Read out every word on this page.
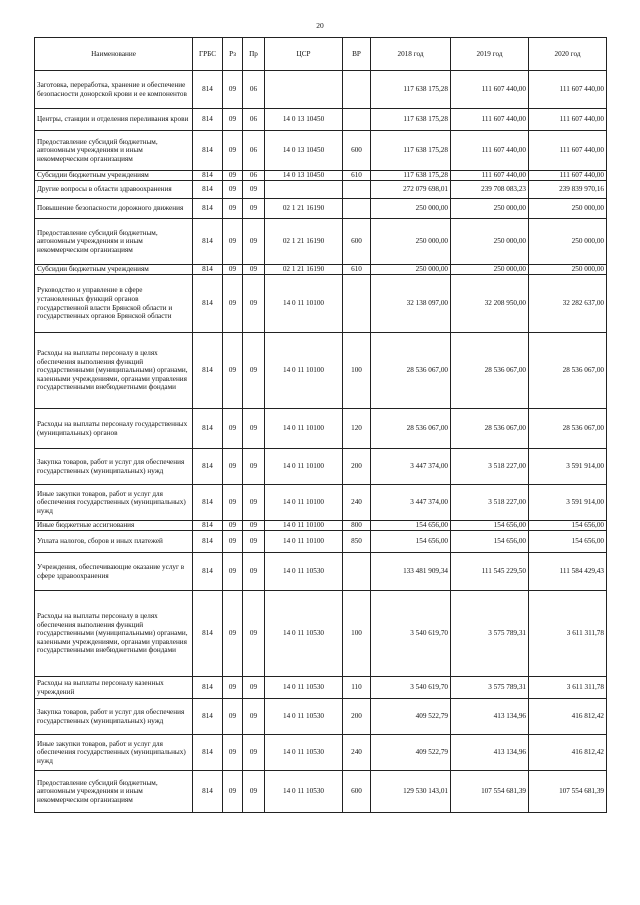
20
Наименование	ГРБС	Рз	Пр	ЦСР	ВР	2018 год	2019 год	2020 год
Заготовка, переработка, хранение и обеспечение безопасности донорской крови и ее компонентов	814	09	06			117 638 175,28	111 607 440,00	111 607 440,00
Центры, станции и отделения переливания крови	814	09	06	14 0 13 10450		117 638 175,28	111 607 440,00	111 607 440,00
Предоставление субсидий бюджетным, автономным учреждениям и иным некоммерческим организациям	814	09	06	14 0 13 10450	600	117 638 175,28	111 607 440,00	111 607 440,00
Субсидии бюджетным учреждениям	814	09	06	14 0 13 10450	610	117 638 175,28	111 607 440,00	111 607 440,00
Другие вопросы в области здравоохранения	814	09	09			272 079 698,01	239 708 083,23	239 839 970,16
Повышение безопасности дорожного движения	814	09	09	02 1 21 16190		250 000,00	250 000,00	250 000,00
Предоставление субсидий бюджетным, автономным учреждениям и иным некоммерческим организациям	814	09	09	02 1 21 16190	600	250 000,00	250 000,00	250 000,00
Субсидии бюджетным учреждениям	814	09	09	02 1 21 16190	610	250 000,00	250 000,00	250 000,00
Руководство и управление в сфере установленных функций органов государственной власти Брянской области и государственных органов Брянской области	814	09	09	14 0 11 10100		32 138 097,00	32 208 950,00	32 282 637,00
Расходы на выплаты персоналу в целях обеспечения выполнения функций государственными (муниципальными) органами, казенными учреждениями, органами управления государственными внебюджетными фондами	814	09	09	14 0 11 10100	100	28 536 067,00	28 536 067,00	28 536 067,00
Расходы на выплаты персоналу государственных (муниципальных) органов	814	09	09	14 0 11 10100	120	28 536 067,00	28 536 067,00	28 536 067,00
Закупка товаров, работ и услуг для обеспечения государственных (муниципальных) нужд	814	09	09	14 0 11 10100	200	3 447 374,00	3 518 227,00	3 591 914,00
Иные закупки товаров, работ и услуг для обеспечения государственных (муниципальных) нужд	814	09	09	14 0 11 10100	240	3 447 374,00	3 518 227,00	3 591 914,00
Иные бюджетные ассигнования	814	09	09	14 0 11 10100	800	154 656,00	154 656,00	154 656,00
Уплата налогов, сборов и иных платежей	814	09	09	14 0 11 10100	850	154 656,00	154 656,00	154 656,00
Учреждения, обеспечивающие оказание услуг в сфере здравоохранения	814	09	09	14 0 11 10530		133 481 909,34	111 545 229,50	111 584 429,43
Расходы на выплаты персоналу в целях обеспечения выполнения функций государственными (муниципальными) органами, казенными учреждениями, органами управления государственными внебюджетными фондами	814	09	09	14 0 11 10530	100	3 540 619,70	3 575 789,31	3 611 311,78
Расходы на выплаты персоналу казенных учреждений	814	09	09	14 0 11 10530	110	3 540 619,70	3 575 789,31	3 611 311,78
Закупка товаров, работ и услуг для обеспечения государственных (муниципальных) нужд	814	09	09	14 0 11 10530	200	409 522,79	413 134,96	416 812,42
Иные закупки товаров, работ и услуг для обеспечения государственных (муниципальных) нужд	814	09	09	14 0 11 10530	240	409 522,79	413 134,96	416 812,42
Предоставление субсидий бюджетным, автономным учреждениям и иным некоммерческим организациям	814	09	09	14 0 11 10530	600	129 530 143,01	107 554 681,39	107 554 681,39
